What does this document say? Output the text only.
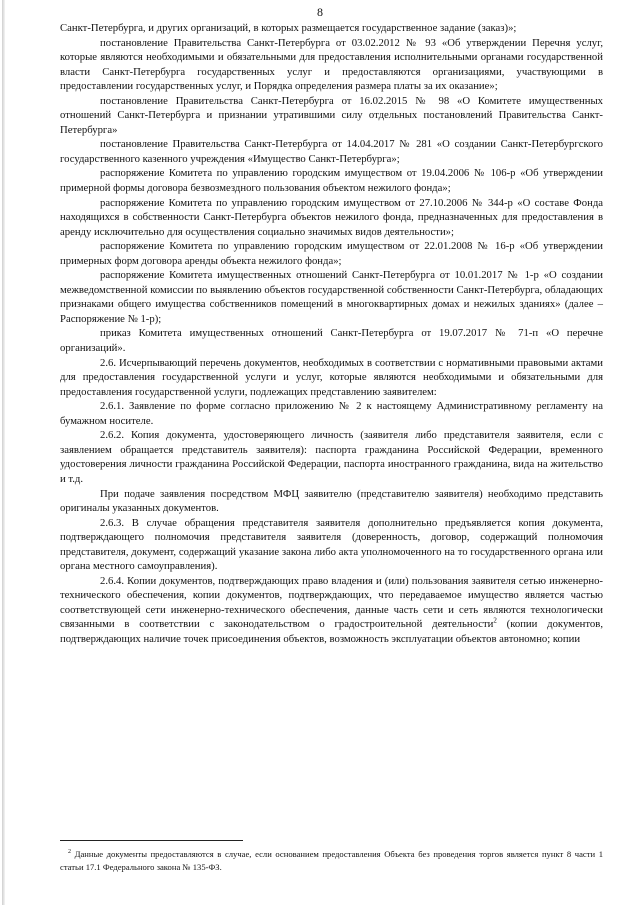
8

Санкт-Петербурга, и других организаций, в которых размещается государственное задание (заказ)»;

постановление Правительства Санкт-Петербурга от 03.02.2012 № 93 «Об утверждении Перечня услуг, которые являются необходимыми и обязательными для предоставления исполнительными органами государственной власти Санкт-Петербурга государственных услуг и предоставляются организациями, участвующими в предоставлении государственных услуг, и Порядка определения размера платы за их оказание»;

постановление Правительства Санкт-Петербурга от 16.02.2015 № 98 «О Комитете имущественных отношений Санкт-Петербурга и признании утратившими силу отдельных постановлений Правительства Санкт-Петербурга»

постановление Правительства Санкт-Петербурга от 14.04.2017 № 281 «О создании Санкт-Петербургского государственного казенного учреждения «Имущество Санкт-Петербурга»;

распоряжение Комитета по управлению городским имуществом от 19.04.2006 № 106-р «Об утверждении примерной формы договора безвозмездного пользования объектом нежилого фонда»;

распоряжение Комитета по управлению городским имуществом от 27.10.2006 № 344-р «О составе Фонда находящихся в собственности Санкт-Петербурга объектов нежилого фонда, предназначенных для предоставления в аренду исключительно для осуществления социально значимых видов деятельности»;

распоряжение Комитета по управлению городским имуществом от 22.01.2008 № 16-р «Об утверждении примерных форм договора аренды объекта нежилого фонда»;

распоряжение Комитета имущественных отношений Санкт-Петербурга от 10.01.2017 № 1-р «О создании межведомственной комиссии по выявлению объектов государственной собственности Санкт-Петербурга, обладающих признаками общего имущества собственников помещений в многоквартирных домах и нежилых зданиях» (далее – Распоряжение № 1-р);

приказ Комитета имущественных отношений Санкт-Петербурга от 19.07.2017 № 71-п «О перечне организаций».

2.6. Исчерпывающий перечень документов, необходимых в соответствии с нормативными правовыми актами для предоставления государственной услуги и услуг, которые являются необходимыми и обязательными для предоставления государственной услуги, подлежащих представлению заявителем:

2.6.1. Заявление по форме согласно приложению № 2 к настоящему Административному регламенту на бумажном носителе.

2.6.2. Копия документа, удостоверяющего личность (заявителя либо представителя заявителя, если с заявлением обращается представитель заявителя): паспорта гражданина Российской Федерации, временного удостоверения личности гражданина Российской Федерации, паспорта иностранного гражданина, вида на жительство и т.д.

При подаче заявления посредством МФЦ заявителю (представителю заявителя) необходимо представить оригиналы указанных документов.

2.6.3. В случае обращения представителя заявителя дополнительно предъявляется копия документа, подтверждающего полномочия представителя заявителя (доверенность, договор, содержащий полномочия представителя, документ, содержащий указание закона либо акта уполномоченного на то государственного органа или органа местного самоуправления).

2.6.4. Копии документов, подтверждающих право владения и (или) пользования заявителя сетью инженерно-технического обеспечения, копии документов, подтверждающих, что передаваемое имущество является частью соответствующей сети инженерно-технического обеспечения, данные часть сети и сеть являются технологически связанными в соответствии с законодательством о градостроительной деятельности$^2$ (копии документов, подтверждающих наличие точек присоединения объектов, возможность эксплуатации объектов автономно; копии

$^2$ Данные документы предоставляются в случае, если основанием предоставления Объекта без проведения торгов является пункт 8 части 1 статьи 17.1 Федерального закона № 135-ФЗ.
